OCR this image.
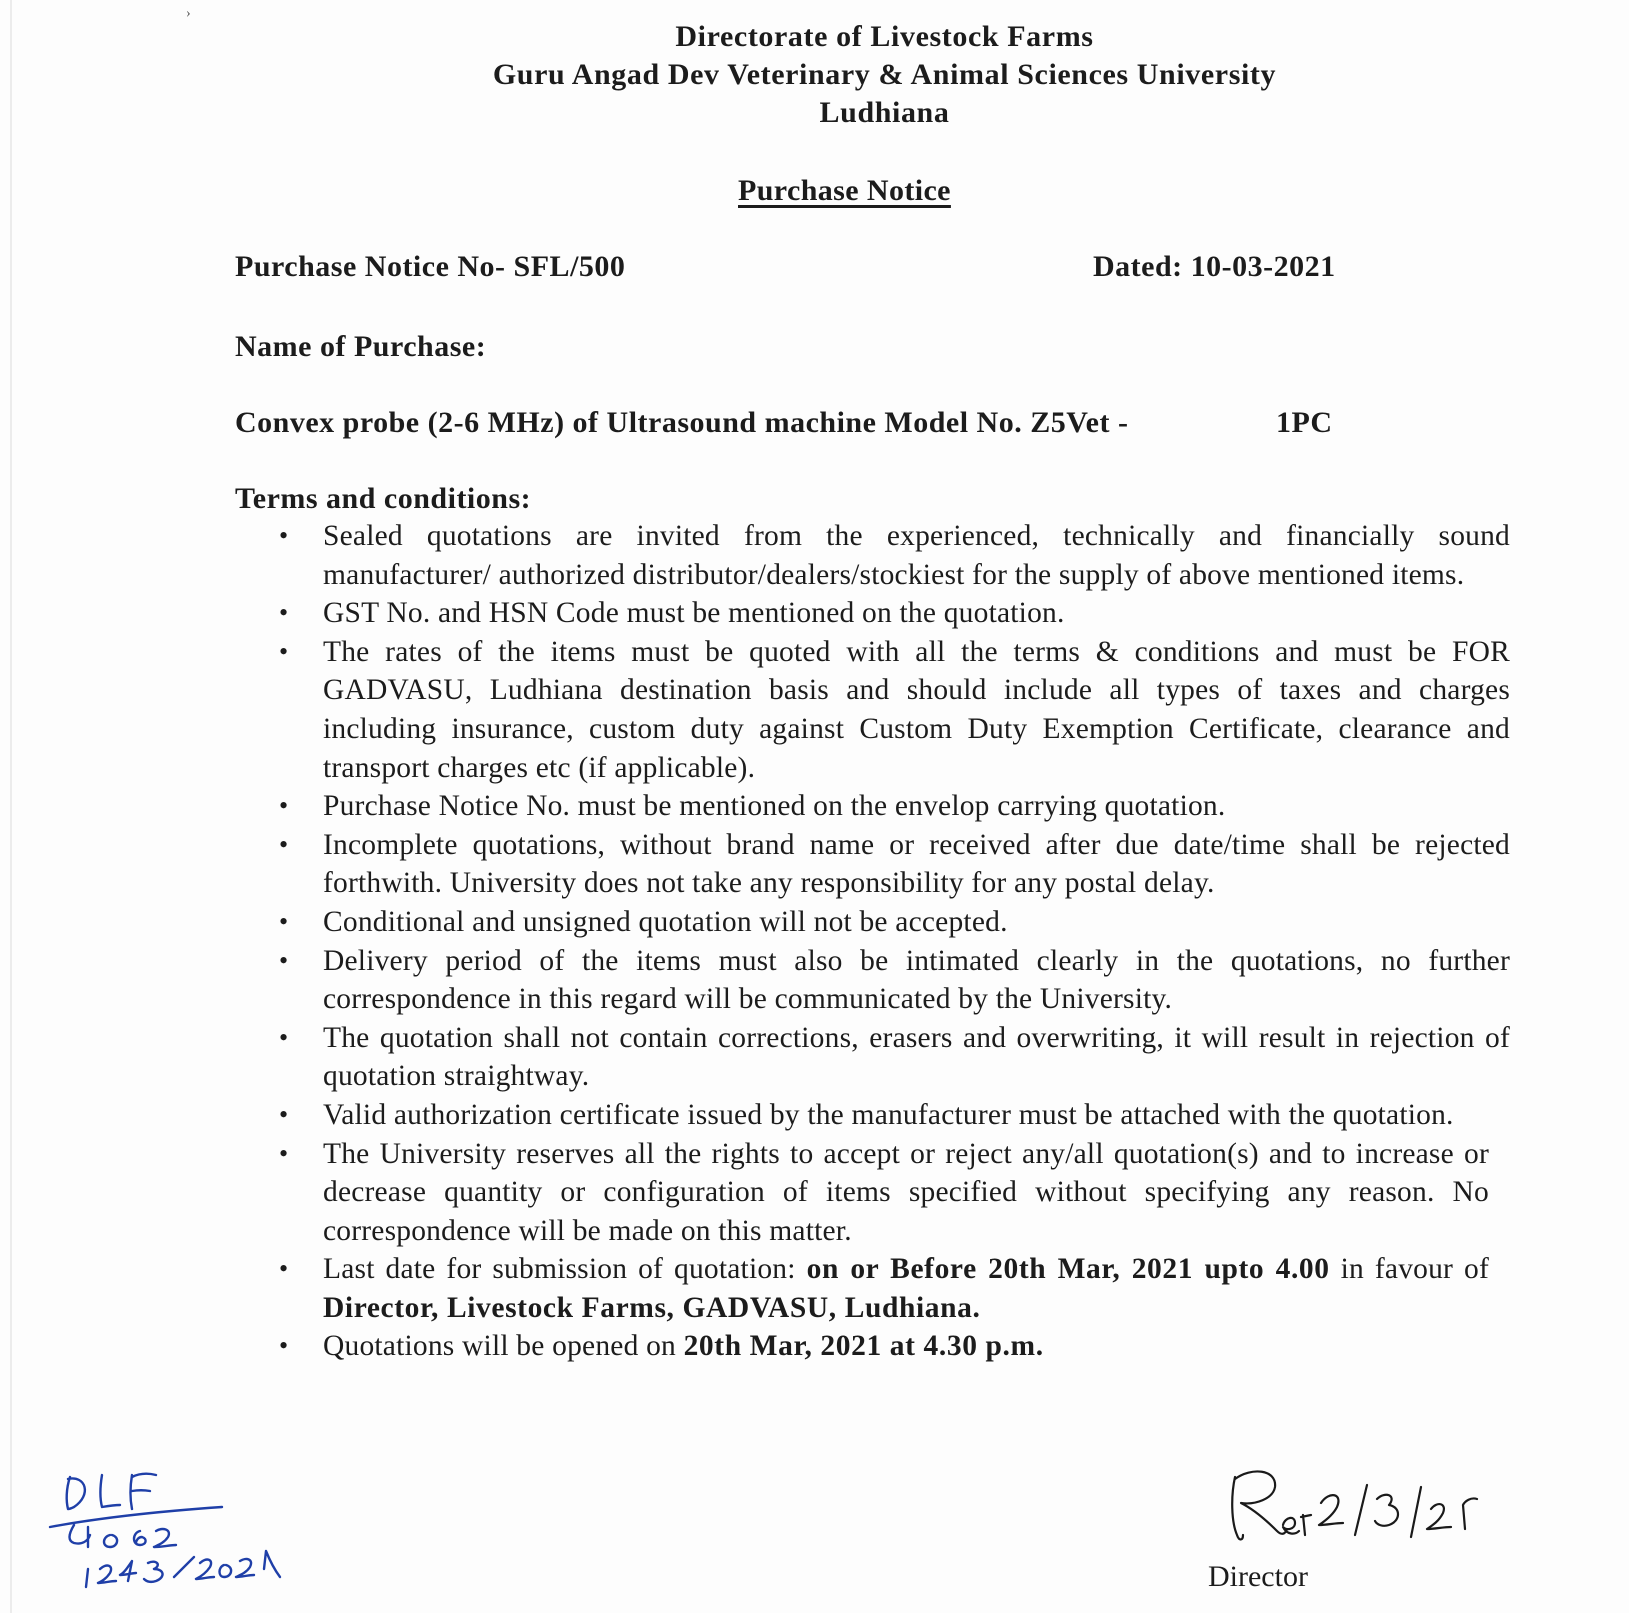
›
Directorate of Livestock Farms
Guru Angad Dev Veterinary & Animal Sciences University
Ludhiana
Purchase Notice
Purchase Notice No- SFL/500	Dated: 10-03-2021
Name of Purchase:
Convex probe (2-6 MHz) of Ultrasound machine Model No. Z5Vet -	1PC
Terms and conditions:
• Sealed quotations are invited from the experienced, technically and financially sound manufacturer/ authorized distributor/dealers/stockiest for the supply of above mentioned items.
• GST No. and HSN Code must be mentioned on the quotation.
• The rates of the items must be quoted with all the terms & conditions and must be FOR GADVASU, Ludhiana destination basis and should include all types of taxes and charges including insurance, custom duty against Custom Duty Exemption Certificate, clearance and transport charges etc (if applicable).
• Purchase Notice No. must be mentioned on the envelop carrying quotation.
• Incomplete quotations, without brand name or received after due date/time shall be rejected forthwith. University does not take any responsibility for any postal delay.
• Conditional and unsigned quotation will not be accepted.
• Delivery period of the items must also be intimated clearly in the quotations, no further correspondence in this regard will be communicated by the University.
• The quotation shall not contain corrections, erasers and overwriting, it will result in rejection of quotation straightway.
• Valid authorization certificate issued by the manufacturer must be attached with the quotation.
• The University reserves all the rights to accept or reject any/all quotation(s) and to increase or decrease quantity or configuration of items specified without specifying any reason. No correspondence will be made on this matter.
• Last date for submission of quotation: on or Before 20th Mar, 2021 upto 4.00 in favour of Director, Livestock Farms, GADVASU, Ludhiana.
• Quotations will be opened on 20th Mar, 2021 at 4.30 p.m.
Director
